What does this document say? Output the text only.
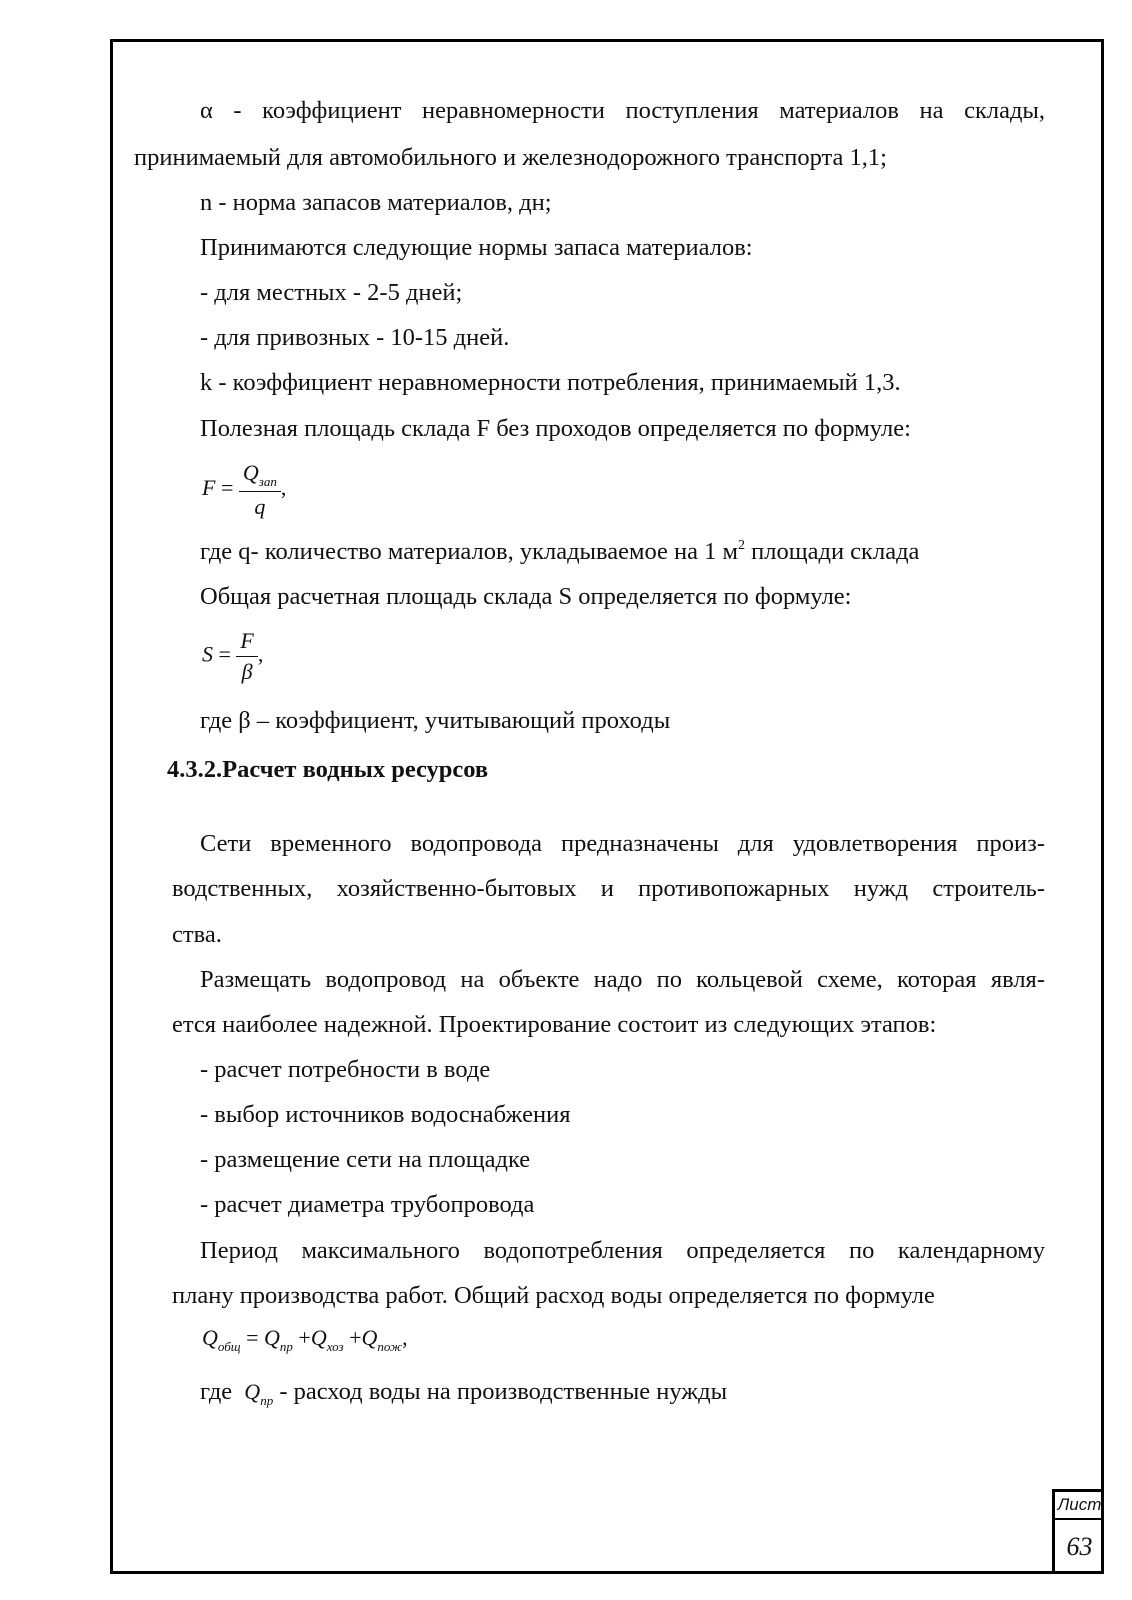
α - коэффициент неравномерности поступления материалов на склады,
принимаемый для автомобильного и железнодорожного транспорта 1,1;
n - норма запасов материалов, дн;
Принимаются следующие нормы запаса материалов:
- для местных - 2-5 дней;
- для привозных - 10-15 дней.
k - коэффициент неравномерности потребления, принимаемый 1,3.
Полезная площадь склада F без проходов определяется по формуле:
$F = \frac{Q_{зап}}{q}$ ,
где q- количество материалов, укладываемое на 1 $м^2$ площади склада
Общая расчетная площадь склада S определяется по формуле:
$S = \frac{F}{\beta}$ ,
где β – коэффициент, учитывающий проходы
4.3.2.Расчет водных ресурсов
Сети временного водопровода предназначены для удовлетворения произ-
водственных, хозяйственно-бытовых и противопожарных нужд строитель-
ства.
Размещать водопровод на объекте надо по кольцевой схеме, которая явля-
ется наиболее надежной. Проектирование состоит из следующих этапов:
- расчет потребности в воде
- выбор источников водоснабжения
- размещение сети на площадке
- расчет диаметра трубопровода
Период максимального водопотребления определяется по календарному
плану производства работ. Общий расход воды определяется по формуле
$Q_{общ} = Q_{пр} +Q_{хоз} +Q_{пож}$,
где $Q_{пр}$ - расход воды на производственные нужды
Лист
63
